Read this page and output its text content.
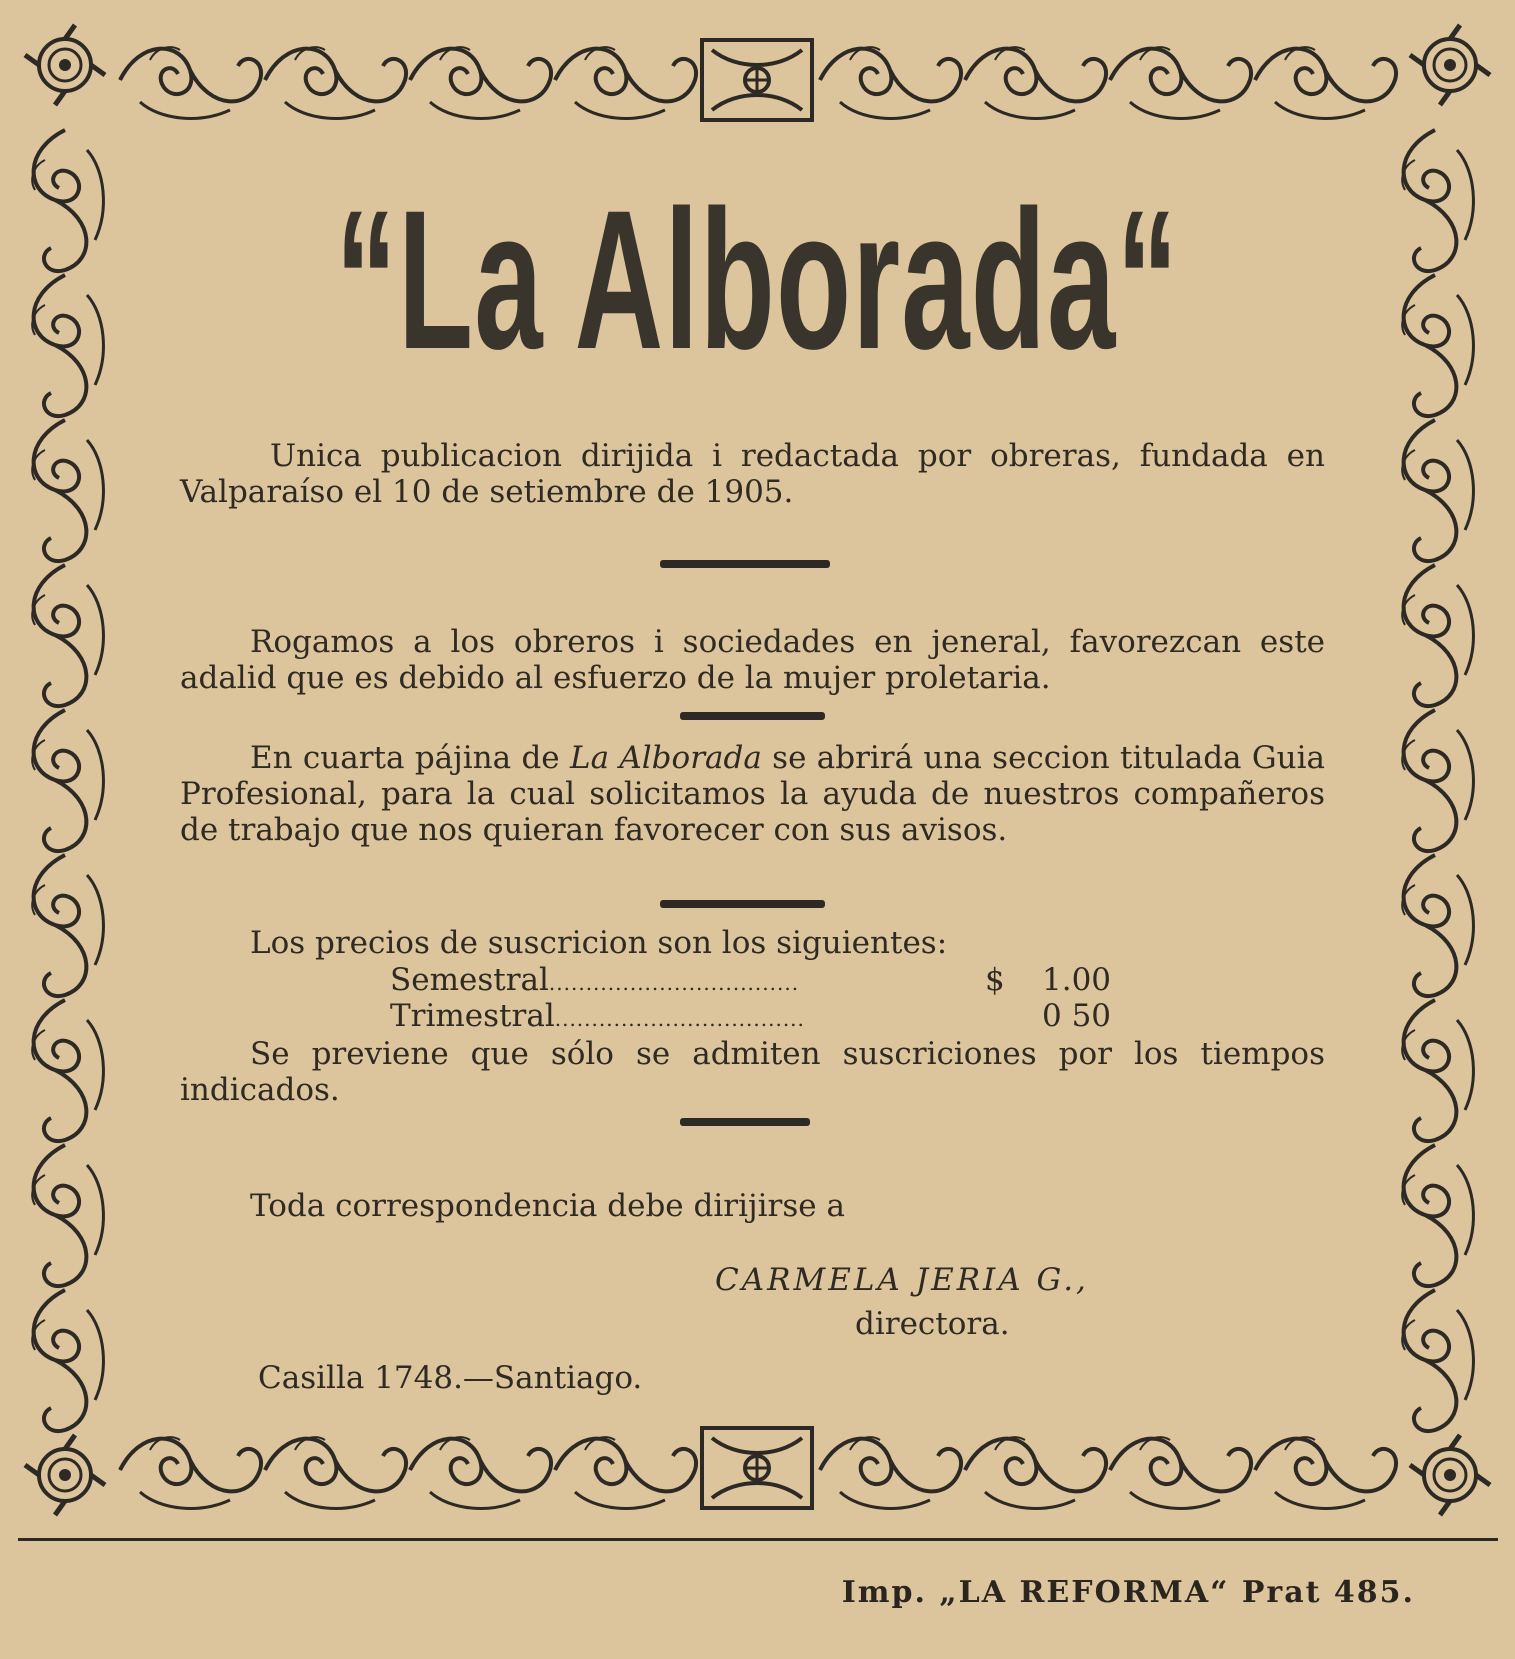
“La Alborada“

Unica publicacion dirijida i redactada por obreras, fundada en Valparaíso el 10 de setiembre de 1905.

Rogamos a los obreros i sociedades en jeneral, favorezcan este adalid que es debido al esfuerzo de la mujer proletaria.

En cuarta pájina de La Alborada se abrirá una seccion titulada Guia Profesional, para la cual solicitamos la ayuda de nuestros compañeros de trabajo que nos quieran favorecer con sus avisos.

Los precios de suscricion son los siguientes:

Semestral..................................	$ 1.00
Trimestral..................................	0 50

Se previene que sólo se admiten suscriciones por los tiempos indicados.

Toda correspondencia debe dirijirse a

CARMELA JERIA G.,

directora.

Casilla 1748.—Santiago.

Imp. „LA REFORMA“ Prat 485.
